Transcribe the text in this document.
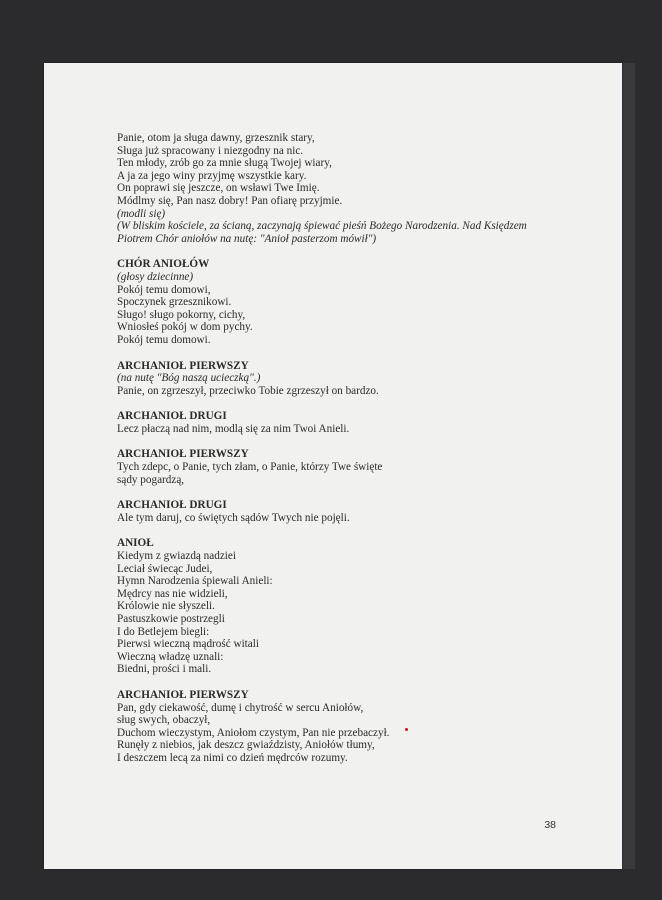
Panie, otom ja sługa dawny, grzesznik stary,
Sługa już spracowany i niezgodny na nic.
Ten młody, zrób go za mnie sługą Twojej wiary,
A ja za jego winy przyjmę wszystkie kary.
On poprawi się jeszcze, on wsławi Twe Imię.
Módlmy się, Pan nasz dobry! Pan ofiarę przyjmie.
(modli się)
(W bliskim kościele, za ścianą, zaczynają śpiewać pieśń Bożego Narodzenia. Nad Księdzem
Piotrem Chór aniołów na nutę: "Anioł pasterzom mówił")
CHÓR ANIOŁÓW
(głosy dziecinne)
Pokój temu domowi,
Spoczynek grzesznikowi.
Sługo! sługo pokorny, cichy,
Wniosłeś pokój w dom pychy.
Pokój temu domowi.
ARCHANIOŁ PIERWSZY
(na nutę "Bóg naszą ucieczką".)
Panie, on zgrzeszył, przeciwko Tobie zgrzeszył on bardzo.
ARCHANIOŁ DRUGI
Lecz płaczą nad nim, modlą się za nim Twoi Anieli.
ARCHANIOŁ PIERWSZY
Tych zdepc, o Panie, tych złam, o Panie, którzy Twe święte
sądy pogardzą,
ARCHANIOŁ DRUGI
Ale tym daruj, co świętych sądów Twych nie pojęli.
ANIOŁ
Kiedym z gwiazdą nadziei
Leciał świecąc Judei,
Hymn Narodzenia śpiewali Anieli:
Mędrcy nas nie widzieli,
Królowie nie słyszeli.
Pastuszkowie postrzegli
I do Betlejem biegli:
Pierwsi wieczną mądrość witali
Wieczną władzę uznali:
Biedni, prości i mali.
ARCHANIOŁ PIERWSZY
Pan, gdy ciekawość, dumę i chytrość w sercu Aniołów,
sług swych, obaczył,
Duchom wieczystym, Aniołom czystym, Pan nie przebaczył.
Runęły z niebios, jak deszcz gwiaździsty, Aniołów tłumy,
I deszczem lecą za nimi co dzień mędrców rozumy.
38
